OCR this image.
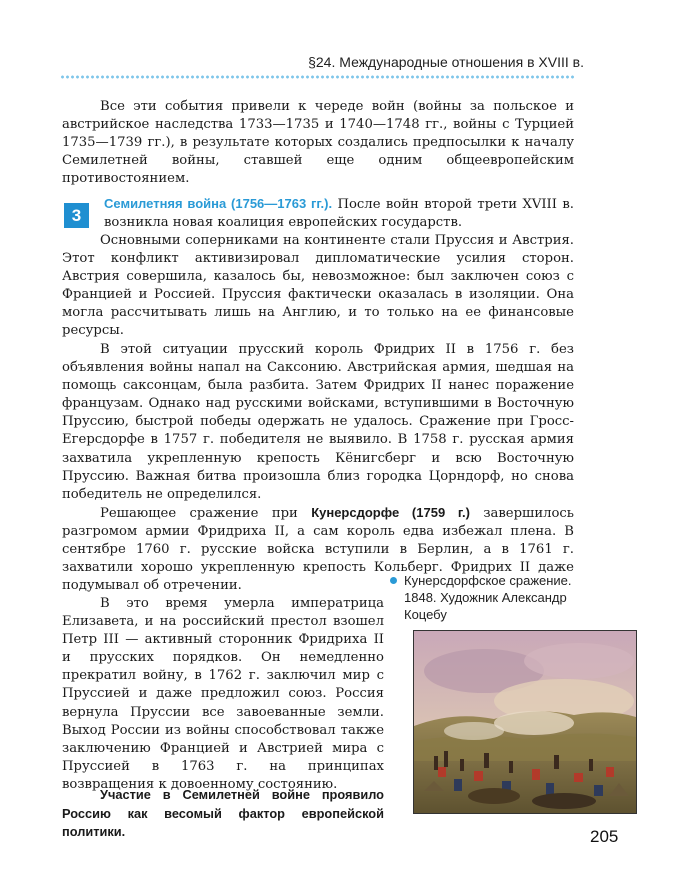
§24. Международные отношения в XVIII в.

Все эти события привели к череде войн (войны за польское и австрийское наследства 1733—1735 и 1740—1748 гг., войны с Турцией 1735—1739 гг.), в результате которых создались предпосылки к началу Семилетней войны, ставшей еще одним общеевропейским противостоянием.

3

Семилетняя война (1756—1763 гг.). После войн второй трети XVIII в. возникла новая коалиция европейских государств.

Основными соперниками на континенте стали Пруссия и Австрия. Этот конфликт активизировал дипломатические усилия сторон. Австрия совершила, казалось бы, невозможное: был заключен союз с Францией и Россией. Пруссия фактически оказалась в изоляции. Она могла рассчитывать лишь на Англию, и то только на ее финансовые ресурсы.

В этой ситуации прусский король Фридрих II в 1756 г. без объявления войны напал на Саксонию. Австрийская армия, шедшая на помощь саксонцам, была разбита. Затем Фридрих II нанес поражение французам. Однако над русскими войсками, вступившими в Восточную Пруссию, быстрой победы одержать не удалось. Сражение при Гросс-Егерсдорфе в 1757 г. победителя не выявило. В 1758 г. русская армия захватила укрепленную крепость Кёнигсберг и всю Восточную Пруссию. Важная битва произошла близ городка Цорндорф, но снова победитель не определился.

Решающее сражение при Кунерсдорфе (1759 г.) завершилось разгромом армии Фридриха II, а сам король едва избежал плена. В сентябре 1760 г. русские войска вступили в Берлин, а в 1761 г. захватили хорошо укрепленную крепость Кольберг. Фридрих II даже подумывал об отречении.

В это время умерла императрица Елизавета, и на российский престол взошел Петр III — активный сторонник Фридриха II и прусских порядков. Он немедленно прекратил войну, в 1762 г. заключил мир с Пруссией и даже предложил союз. Россия вернула Пруссии все завоеванные земли. Выход России из войны способствовал также заключению Францией и Австрией мира с Пруссией в 1763 г. на принципах возвращения к довоенному состоянию.

Участие в Семилетней войне проявило Россию как весомый фактор европейской политики.

Кунерсдорфское сражение. 1848. Художник Александр Коцебу
205
